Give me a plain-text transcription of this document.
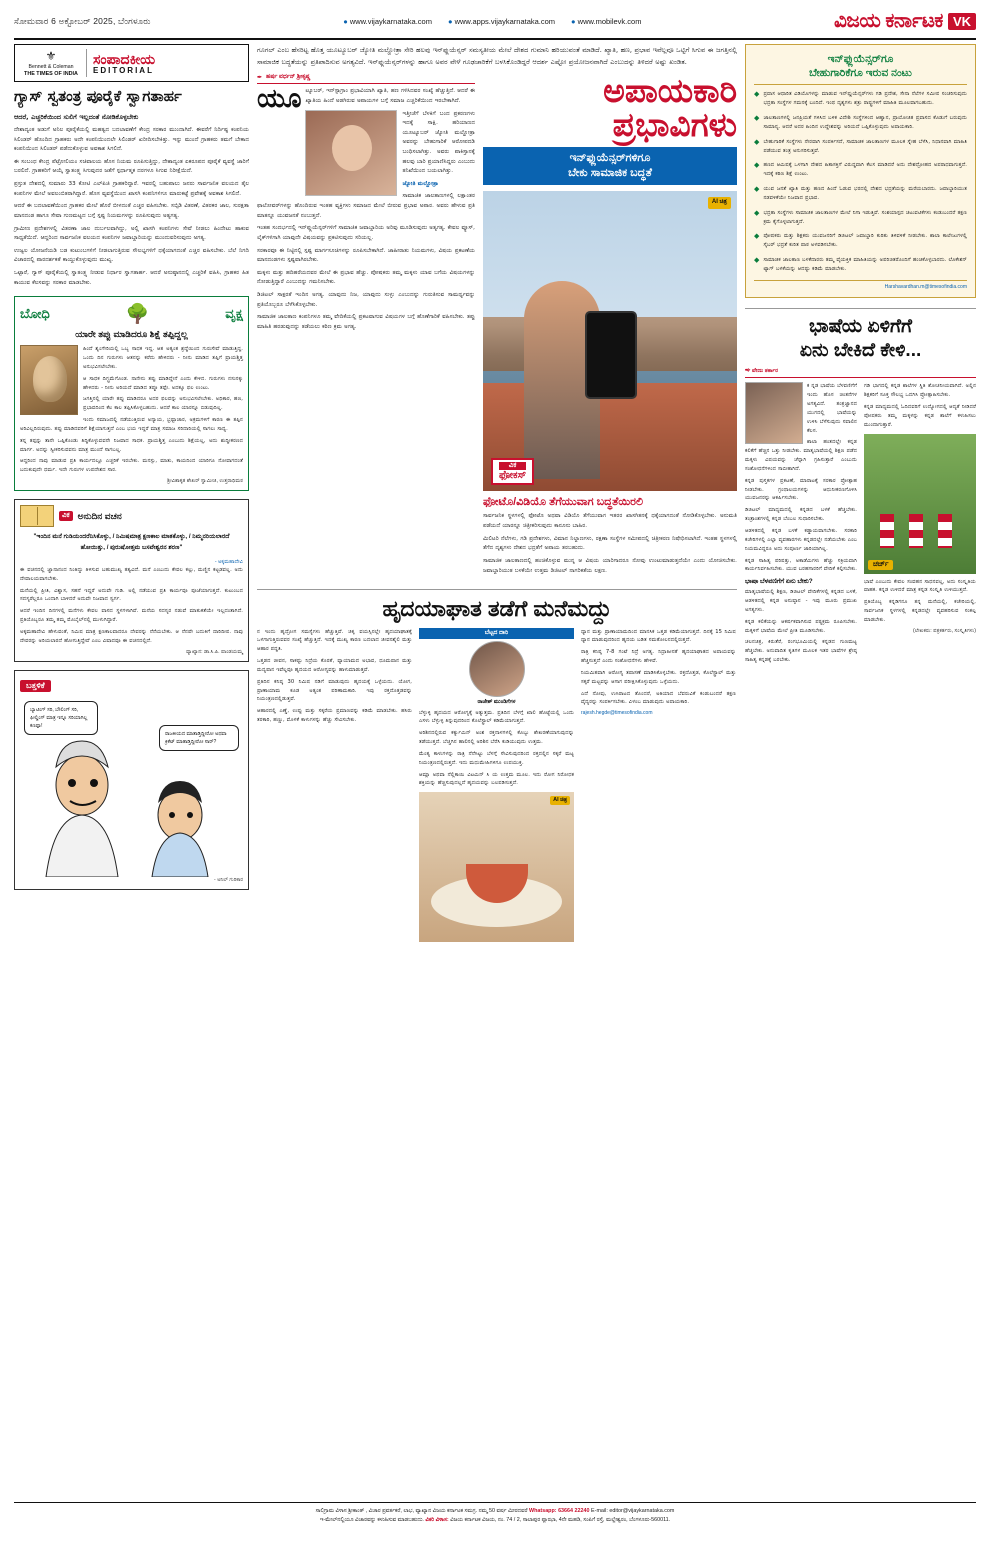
ಸೋಮವಾರ 6 ಅಕ್ಟೋಬರ್‌ 2025, ಬೆಂಗಳೂರು	● www.vijaykarnataka.com ● www.apps.vijaykarnataka.com ● www.mobilevk.com	ವಿಜಯ ಕರ್ನಾಟಕ VK
⚜
Bennett & Coleman
THE TIMES OF INDIA
ಸಂಪಾದಕೀಯ
EDITORIAL
ಗ್ಯಾಸ್‌ ಸ್ವತಂತ್ರ ಪೂರೈಕೆ ಸ್ವಾಗತಾರ್ಹ

ಆದರೆ, ಎಚ್ಚರಿಕೆಯಿಂದ ಸುಲಿಗೆ ಇಲ್ಲದಂತೆ ನೋಡಿಕೊಳ್ಳಬೇಕು

ದೇಶಾದ್ಯಂತ ಅಡುಗೆ ಅನಿಲ ಪೂರೈಕೆಯಲ್ಲಿ ಮಹತ್ವದ ಬದಲಾವಣೆಗೆ ಕೇಂದ್ರ ಸರಕಾರ ಮುಂದಾಗಿದೆ. ಈವರೆಗೆ ನಿರ್ದಿಷ್ಟ ಕಂಪನಿಯ ಸಿಲಿಂಡರ್‌ ಹೊಂದಿದ ಗ್ರಾಹಕರು ಅದೇ ಕಂಪನಿಯಿಂದಲೇ ಸಿಲಿಂಡರ್‌ ಖರೀದಿಸಬೇಕಿತ್ತು. ಇನ್ನು ಮುಂದೆ ಗ್ರಾಹಕರು ತಮಗೆ ಬೇಕಾದ ಕಂಪನಿಯಿಂದ ಸಿಲಿಂಡರ್‌ ಪಡೆದುಕೊಳ್ಳುವ ಅವಕಾಶ ಸಿಗಲಿದೆ.

ಈ ಸಂಬಂಧ ಕೇಂದ್ರ ಪೆಟ್ರೋಲಿಯಂ ಸಚಿವಾಲಯ ಹೊಸ ನಿಯಮ ರೂಪಿಸುತ್ತಿದ್ದು, ದೇಶಾದ್ಯಂತ ಏಕರೂಪದ ಪೂರೈಕೆ ವ್ಯವಸ್ಥೆ ಜಾರಿಗೆ ಬರಲಿದೆ. ಗ್ರಾಹಕರಿಗೆ ಆಯ್ಕೆ ಸ್ವಾತಂತ್ರ್ಯ ಸಿಗುವುದರ ಜತೆಗೆ ಸ್ಪರ್ಧಾತ್ಮಕ ದರಗಳೂ ಸಿಗುವ ನಿರೀಕ್ಷೆಯಿದೆ.

ಪ್ರಸ್ತುತ ದೇಶದಲ್ಲಿ ಸುಮಾರು 33 ಕೋಟಿ ಎಲ್‌ಪಿಜಿ ಗ್ರಾಹಕರಿದ್ದಾರೆ. ಇವರಲ್ಲಿ ಬಹುಪಾಲು ಜನರು ಸಾರ್ವಜನಿಕ ವಲಯದ ತೈಲ ಕಂಪನಿಗಳ ಮೇಲೆ ಅವಲಂಬಿತರಾಗಿದ್ದಾರೆ. ಹೊಸ ವ್ಯವಸ್ಥೆಯಿಂದ ಖಾಸಗಿ ಕಂಪನಿಗಳಿಗೂ ಮಾರುಕಟ್ಟೆ ಪ್ರವೇಶಕ್ಕೆ ಅವಕಾಶ ಸಿಗಲಿದೆ.

ಆದರೆ ಈ ಬದಲಾವಣೆಯಿಂದ ಗ್ರಾಹಕರ ಮೇಲೆ ಹೊರೆ ಬೀಳದಂತೆ ಎಚ್ಚರ ವಹಿಸಬೇಕು. ಸಬ್ಸಿಡಿ ವಿತರಣೆ, ವಿತರಕರ ಜಾಲ, ಸುರಕ್ಷತಾ ಮಾನದಂಡ ಹಾಗೂ ಸೇವಾ ಗುಣಮಟ್ಟದ ಬಗ್ಗೆ ಸ್ಪಷ್ಟ ನಿಯಮಗಳನ್ನು ರೂಪಿಸುವುದು ಅತ್ಯಗತ್ಯ.

ಗ್ರಾಮೀಣ ಪ್ರದೇಶಗಳಲ್ಲಿ ವಿತರಣಾ ಜಾಲ ದುರ್ಬಲವಾಗಿದ್ದು, ಅಲ್ಲಿ ಖಾಸಗಿ ಕಂಪನಿಗಳು ಸೇವೆ ನೀಡಲು ಹಿಂದೇಟು ಹಾಕುವ ಸಾಧ್ಯತೆಯಿದೆ. ಆದ್ದರಿಂದ ಸಾರ್ವಜನಿಕ ವಲಯದ ಕಂಪನಿಗಳ ಜವಾಬ್ದಾರಿಯನ್ನು ಮುಂದುವರಿಸುವುದು ಅಗತ್ಯ.

ಉಜ್ವಲ ಯೋಜನೆಯಡಿ ಬಡ ಕುಟುಂಬಗಳಿಗೆ ನೀಡಲಾಗುತ್ತಿರುವ ಸೌಲಭ್ಯಗಳಿಗೆ ಧಕ್ಕೆಯಾಗದಂತೆ ಎಚ್ಚರ ವಹಿಸಬೇಕು. ಬೆಲೆ ನಿಗದಿ ವಿಚಾರದಲ್ಲಿ ಪಾರದರ್ಶಕತೆ ಕಾಯ್ದುಕೊಳ್ಳುವುದು ಮುಖ್ಯ.

ಒಟ್ಟಾರೆ, ಗ್ಯಾಸ್‌ ಪೂರೈಕೆಯಲ್ಲಿ ಸ್ವಾತಂತ್ರ್ಯ ನೀಡುವ ನಿರ್ಧಾರ ಸ್ವಾಗತಾರ್ಹ. ಆದರೆ ಅನುಷ್ಠಾನದಲ್ಲಿ ಎಚ್ಚರಿಕೆ ವಹಿಸಿ, ಗ್ರಾಹಕರ ಹಿತ ಕಾಯುವ ಕೆಲಸವನ್ನು ಸರಕಾರ ಮಾಡಬೇಕು.

ಬೋಧಿ	🌳	ವೃಕ್ಷ
ಯಾರೇ ತಪ್ಪು ಮಾಡಿದರೂ ಶಿಕ್ಷೆ ತಪ್ಪಿದ್ದಲ್ಲ

ಹಿಂದೆ ಶೃಂಗೇರಿಯಲ್ಲಿ ಒಬ್ಬ ಸಾಧಕ ಇದ್ದ. ಆತ ಅತ್ಯಂತ ಶ್ರದ್ಧೆಯಿಂದ ಗುರುಸೇವೆ ಮಾಡುತ್ತಿದ್ದ. ಒಂದು ದಿನ ಗುರುಗಳು ಆತನನ್ನು ಕರೆದು ಹೇಳಿದರು - ನೀನು ಮಾಡಿದ ತಪ್ಪಿಗೆ ಪ್ರಾಯಶ್ಚಿತ್ತ ಅನುಭವಿಸಲೇಬೇಕು.

ಆ ಸಾಧಕ ದಿಗ್ಭ್ರಮೆಗೊಂಡ. ನಾನೇನು ತಪ್ಪು ಮಾಡಿದ್ದೇನೆ ಎಂದು ಕೇಳಿದ. ಗುರುಗಳು ನಸುನಕ್ಕು ಹೇಳಿದರು - ನೀನು ಅರಿಯದೆ ಮಾಡಿದ ತಪ್ಪೂ ತಪ್ಪೇ. ಅದಕ್ಕೂ ಫಲ ಉಂಟು.

ಜಗತ್ತಿನಲ್ಲಿ ಯಾರೇ ತಪ್ಪು ಮಾಡಿದರೂ ಅದರ ಫಲವನ್ನು ಅನುಭವಿಸಲೇಬೇಕು. ಅಧಿಕಾರ, ಹಣ, ಪ್ರಭಾವದಿಂದ ಕೆಲ ಕಾಲ ತಪ್ಪಿಸಿಕೊಳ್ಳಬಹುದು. ಆದರೆ ಕಾಲ ಯಾರನ್ನೂ ಬಿಡುವುದಿಲ್ಲ.

ಇಂದು ಸಮಾಜದಲ್ಲಿ ನಡೆಯುತ್ತಿರುವ ಅನ್ಯಾಯ, ಭ್ರಷ್ಟಾಚಾರ, ಅಕ್ರಮಗಳಿಗೆ ಕಾರಣ ಈ ತಪ್ಪಿನ ಅರಿವಿಲ್ಲದಿರುವುದು. ತಪ್ಪು ಮಾಡಿದವರಿಗೆ ಶಿಕ್ಷೆಯಾಗುತ್ತದೆ ಎಂಬ ಭಯ ಇದ್ದರೆ ಮಾತ್ರ ಸಮಾಜ ಸರಿದಾರಿಯಲ್ಲಿ ಸಾಗಲು ಸಾಧ್ಯ.

ತನ್ನ ತಪ್ಪನ್ನು ತಾನೇ ಒಪ್ಪಿಕೊಂಡು ತಿದ್ದಿಕೊಳ್ಳುವವನೇ ನಿಜವಾದ ಸಾಧಕ. ಪ್ರಾಯಶ್ಚಿತ್ತ ಎಂಬುದು ಶಿಕ್ಷೆಯಲ್ಲ, ಅದು ಶುದ್ಧೀಕರಣದ ಮಾರ್ಗ. ಅದನ್ನು ಸ್ವೀಕರಿಸುವವನು ಮಾತ್ರ ಮುಂದೆ ಸಾಗಬಲ್ಲ.

ಆದ್ದರಿಂದ ನಾವು ಮಾಡುವ ಪ್ರತಿ ಕಾರ್ಯದಲ್ಲೂ ಎಚ್ಚರಿಕೆ ಇರಬೇಕು. ಮನಸ್ಸು, ಮಾತು, ಕಾಯದಿಂದ ಯಾರಿಗೂ ನೋವಾಗದಂತೆ ಬದುಕುವುದೇ ಧರ್ಮ. ಇದೇ ಗುರುಗಳ ಉಪದೇಶದ ಸಾರ.

ಶ್ರೀವಿಶಾಕೃತ ಶೇಖರ್‌ ಸ್ವಾಮೀಜಿ, ಉತ್ತರಾಧಿಮಠ
ವಿಕ ಅನುದಿನ ವಚನ
"ಇಂದಿನ ಮನೆ ಗುಡಿಯಂದರೆನಿಸಿಕೊಳ್ಳು, / ನಿಮಿಷಮಾತ್ರ ಕ್ಷಣಕಾಲ ಮಾತಕೊಳ್ಳು, / ನಿಮ್ಮನರಿಯಲಾರದೆ ಹೋಯಿತ್ತು, / ಪುರುಷೋತ್ತಮ ಬಸವೇಶ್ವರನ ಶರಣ"
- ಅಕ್ಕಮಹಾದೇವಿ

ಈ ವಚನದಲ್ಲಿ ಜ್ಞಾನಾನಂದ ನಿಂತಿದ್ದು ತಿಳಿಸುವ ಬಹುಮುಖ್ಯ ತತ್ವವಿದೆ. ಮನೆ ಎಂಬುದು ಕೇವಲ ಕಲ್ಲು, ಮಣ್ಣಿನ ಕಟ್ಟಡವಲ್ಲ. ಅದು ದೇವಾಲಯವಾಗಬೇಕು.

ಮನೆಯಲ್ಲಿ ಪ್ರೀತಿ, ವಿಶ್ವಾಸ, ಸಹನೆ ಇದ್ದರೆ ಅದುವೇ ಗುಡಿ. ಅಲ್ಲಿ ನಡೆಯುವ ಪ್ರತಿ ಕಾರ್ಯವೂ ಪೂಜೆಯಾಗುತ್ತದೆ. ಕುಟುಂಬದ ಸದಸ್ಯರೆಲ್ಲರೂ ಒಂದಾಗಿ ಬಾಳಿದರೆ ಅದುವೇ ನಿಜವಾದ ಸ್ವರ್ಗ.

ಆದರೆ ಇಂದಿನ ದಿನಗಳಲ್ಲಿ ಮನೆಗಳು ಕೇವಲ ವಾಸದ ಸ್ಥಳಗಳಾಗಿವೆ. ಮನೆಯ ಸದಸ್ಯರ ನಡುವೆ ಮಾತುಕತೆಯೇ ಇಲ್ಲದಂತಾಗಿದೆ. ಪ್ರತಿಯೊಬ್ಬರೂ ತಮ್ಮ ತಮ್ಮ ಮೊಬೈಲ್‌ನಲ್ಲಿ ಮುಳುಗಿದ್ದಾರೆ.

ಅಕ್ಕಮಹಾದೇವಿ ಹೇಳುವಂತೆ, ನಿಮಿಷ ಮಾತ್ರ ಕ್ಷಣಕಾಲವಾದರೂ ದೇವರನ್ನು ನೆನೆಯಬೇಕು. ಆ ನೆನಪೇ ಬದುಕಿಗೆ ದಾರಿದೀಪ. ನಾವು ದೇವರನ್ನು ಅರಿಯಲಾರದೆ ಹೋಗುತ್ತಿದ್ದೇವೆ ಎಂಬ ವಿಷಾದವೂ ಈ ವಚನದಲ್ಲಿದೆ.

ವ್ಯಾಖ್ಯಾನ: ಡಾ.ಸಿ.ಪಿ. ಪಾಂಡಯಮ್ಮ
ಬತ್ತಳಿಕೆ
ಬ್ಯಾಟಿಂಗ್‌ ಸರಿ, ಬೌಲಿಂಗ್‌ ಸರಿ, ಫೀಲ್ಡಿಂಗ್‌ ಮಾತ್ರ ಇನ್ನೂ ಸರಿಯಾಗಿಲ್ಲ ಕಣಪ್ಪಾ!
ರಾಜಕೀಯದ ಮಾತಾಡ್ತಿದ್ದೀರೋ ಅಥವಾ ಕ್ರಿಕೆಟ್‌ ಮಾತಾಡ್ತಿದ್ದೀರೋ ಸಾರ್‌?
- ಅನಿಲ್‌ ಗುರಿಕಾರ
ಗೂಗಲ್‌ ಎಂಬ ಹೆಸರಿಟ್ಟ ಹೊತ್ತ ಯೂಟ್ಯೂಬರ್‌ ಜ್ಯೋತಿ ಮಲ್ಹೋತ್ರಾ ಸೇರಿ ಹಲವು ಇನ್‌ಫ್ಲುಯೆನ್ಸರ್‌ ಸಮಸ್ಯತೀಯ ಮೇಲೆ ದೇಶದ ಗುಮಾನಿ ಹರಿಯುವಂತೆ ಮಾಡಿದೆ. ಖ್ಯಾತಿ, ಹಣ, ಪ್ರಭಾವ ಇವೆಲ್ಲವೂ ಒಟ್ಟಿಗೆ ಸಿಗುವ ಈ ಜಗತ್ತಿನಲ್ಲಿ ಸಾಮಾಜಿಕ ಬದ್ಧತೆಯನ್ನು ಪ್ರತಿಪಾದಿಸುವ ಅಗತ್ಯವಿದೆ. ಇನ್‌ಫ್ಲುಯೆನ್ಸರ್‌ಗಳನ್ನು ಹಾಗೂ ಅವರ ವೇಳೆ ಗೂಢಚಾರಿಕೆಗೆ ಬಳಸಿಕೊಂಡಿದ್ದರೆ ಆದರ್ಶ ಎಷ್ಟೋ ಪ್ರಯೋಜನವಾಗಿದೆ ಎಂಬುದನ್ನು ತಿಳಿದರೆ ಅಷ್ಟು ಖಂಡಿತ.
✒ ಹರ್ಷ ವರ್ಧನ್‌ ಶ್ರೀಕೃಷ್ಣ

ಯೂಟ್ಯೂಬರ್‌, ಇನ್‌ಸ್ಟಾಗ್ರಾಂ ಪ್ರಭಾವಿಯಾಗಿ ಖ್ಯಾತಿ, ಹಣ ಗಳಿಸಿದವರ ಸಂಖ್ಯೆ ಹೆಚ್ಚುತ್ತಿದೆ. ಆದರೆ ಈ ಖ್ಯಾತಿಯ ಹಿಂದೆ ಅಡಗಿರುವ ಅಪಾಯಗಳ ಬಗ್ಗೆ ಸಮಾಜ ಎಚ್ಚರಿಕೆಯಿಂದ ಇರಬೇಕಾಗಿದೆ.

ಇತ್ತೀಚೆಗೆ ಬೆಳಕಿಗೆ ಬಂದ ಪ್ರಕರಣಗಳು ಇದಕ್ಕೆ ಸಾಕ್ಷಿ. ಹರಿಯಾಣದ ಯೂಟ್ಯೂಬರ್‌ ಜ್ಯೋತಿ ಮಲ್ಹೋತ್ರಾ ಅವರನ್ನು ಬೇಹುಗಾರಿಕೆ ಆರೋಪದಡಿ ಬಂಧಿಸಲಾಗಿತ್ತು. ಅವರು ಪಾಕಿಸ್ತಾನಕ್ಕೆ ಹಲವು ಬಾರಿ ಪ್ರಯಾಣಿಸಿದ್ದರು ಎಂಬುದು ತನಿಖೆಯಿಂದ ಬಯಲಾಗಿತ್ತು.

ಜ್ಯೋತಿ ಮಲ್ಹೋತ್ರಾ

ಸಾಮಾಜಿಕ ಜಾಲತಾಣಗಳಲ್ಲಿ ಲಕ್ಷಾಂತರ ಫಾಲೋವರ್‌ಗಳನ್ನು ಹೊಂದಿರುವ ಇಂತಹ ವ್ಯಕ್ತಿಗಳು ಸಮಾಜದ ಮೇಲೆ ಬೀರುವ ಪ್ರಭಾವ ಅಪಾರ. ಅವರು ಹೇಳುವ ಪ್ರತಿ ಮಾತನ್ನೂ ಯುವಜನತೆ ನಂಬುತ್ತದೆ.

ಇಂತಹ ಸಂದರ್ಭದಲ್ಲಿ ಇನ್‌ಫ್ಲುಯೆನ್ಸರ್‌ಗಳಿಗೆ ಸಾಮಾಜಿಕ ಜವಾಬ್ದಾರಿಯ ಅರಿವು ಮೂಡಿಸುವುದು ಅತ್ಯಗತ್ಯ. ಕೇವಲ ವ್ಯೂಸ್‌, ಲೈಕ್‌ಗಳಿಗಾಗಿ ಯಾವುದೇ ವಿಷಯವನ್ನು ಪ್ರಕಟಿಸುವುದು ಸರಿಯಲ್ಲ.

ಸರಕಾರವೂ ಈ ನಿಟ್ಟಿನಲ್ಲಿ ಸ್ಪಷ್ಟ ಮಾರ್ಗಸೂಚಿಗಳನ್ನು ರೂಪಿಸಬೇಕಾಗಿದೆ. ಜಾಹೀರಾತು ನಿಯಮಗಳು, ವಿಷಯ ಪ್ರಕಟಣೆಯ ಮಾನದಂಡಗಳು ಸ್ಪಷ್ಟವಾಗಿರಬೇಕು.

ಮಕ್ಕಳು ಮತ್ತು ಹದಿಹರೆಯದವರ ಮೇಲೆ ಈ ಪ್ರಭಾವ ಹೆಚ್ಚು. ಪೋಷಕರು ತಮ್ಮ ಮಕ್ಕಳು ಯಾವ ಬಗೆಯ ವಿಷಯಗಳನ್ನು ನೋಡುತ್ತಿದ್ದಾರೆ ಎಂಬುದನ್ನು ಗಮನಿಸಬೇಕು.

ಡಿಜಿಟಲ್‌ ಸಾಕ್ಷರತೆ ಇಂದಿನ ಅಗತ್ಯ. ಯಾವುದು ನಿಜ, ಯಾವುದು ಸುಳ್ಳು ಎಂಬುದನ್ನು ಗುರುತಿಸುವ ಸಾಮರ್ಥ್ಯವನ್ನು ಪ್ರತಿಯೊಬ್ಬರೂ ಬೆಳೆಸಿಕೊಳ್ಳಬೇಕು.

ಸಾಮಾಜಿಕ ಜಾಲತಾಣ ಕಂಪನಿಗಳೂ ತಮ್ಮ ವೇದಿಕೆಯಲ್ಲಿ ಪ್ರಕಟವಾಗುವ ವಿಷಯಗಳ ಬಗ್ಗೆ ಹೊಣೆಗಾರಿಕೆ ವಹಿಸಬೇಕು. ತಪ್ಪು ಮಾಹಿತಿ ಹರಡುವುದನ್ನು ತಡೆಯಲು ಕಠಿಣ ಕ್ರಮ ಅಗತ್ಯ.

ಅಪಾಯಕಾರಿ
ಪ್ರಭಾವಿಗಳು
ಇನ್‌ಫ್ಲುಯೆನ್ಸರ್‌ಗಳಿಗೂ
ಬೇಕು ಸಾಮಾಜಿಕ ಬದ್ಧತೆ
AI ಚಿತ್ರ
ವಿಕ
ಫೋಕಸ್‌
ಫೋಟೊ/ವಿಡಿಯೊ ತೆಗೆಯುವಾಗ ಬದ್ಧತೆಯಿರಲಿ

ಸಾರ್ವಜನಿಕ ಸ್ಥಳಗಳಲ್ಲಿ ಫೋಟೊ ಅಥವಾ ವಿಡಿಯೊ ತೆಗೆಯುವಾಗ ಇತರರ ಖಾಸಗಿತನಕ್ಕೆ ಧಕ್ಕೆಯಾಗದಂತೆ ನೋಡಿಕೊಳ್ಳಬೇಕು. ಅನುಮತಿ ಪಡೆಯದೆ ಯಾರನ್ನೂ ಚಿತ್ರೀಕರಿಸುವುದು ಕಾನೂನು ಬಾಹಿರ.

ಮಿಲಿಟರಿ ನೆಲೆಗಳು, ಗಡಿ ಪ್ರದೇಶಗಳು, ವಿಮಾನ ನಿಲ್ದಾಣಗಳು, ರಕ್ಷಣಾ ಸಂಸ್ಥೆಗಳ ಸಮೀಪದಲ್ಲಿ ಚಿತ್ರೀಕರಣ ನಿಷೇಧಿಸಲಾಗಿದೆ. ಇಂತಹ ಸ್ಥಳಗಳಲ್ಲಿ ತೆಗೆದ ದೃಶ್ಯಗಳು ದೇಶದ ಭದ್ರತೆಗೆ ಅಪಾಯ ತರಬಹುದು.

ಸಾಮಾಜಿಕ ಜಾಲತಾಣದಲ್ಲಿ ಹಂಚಿಕೊಳ್ಳುವ ಮುನ್ನ ಆ ವಿಷಯ ಯಾರಿಗಾದರೂ ನೋವು ಉಂಟುಮಾಡುತ್ತದೆಯೇ ಎಂದು ಯೋಚಿಸಬೇಕು. ಜವಾಬ್ದಾರಿಯುತ ಬಳಕೆಯೇ ಉತ್ತಮ ಡಿಜಿಟಲ್‌ ನಾಗರಿಕತೆಯ ಲಕ್ಷಣ.

ಹೃದಯಾಘಾತ ತಡೆಗೆ ಮನೆಮದ್ದು

ನ ಇಂದು ಹೃದ್ರೋಗ ಸಮಸ್ಯೆಗಳು ಹೆಚ್ಚುತ್ತಿವೆ. ಚಿಕ್ಕ ವಯಸ್ಸಿನಲ್ಲೇ ಹೃದಯಾಘಾತಕ್ಕೆ ಒಳಗಾಗುತ್ತಿರುವವರ ಸಂಖ್ಯೆ ಹೆಚ್ಚುತ್ತಿದೆ. ಇದಕ್ಕೆ ಮುಖ್ಯ ಕಾರಣ ಬದಲಾದ ಜೀವನಶೈಲಿ ಮತ್ತು ಆಹಾರ ಪದ್ಧತಿ.

ಒತ್ತಡದ ಜೀವನ, ಸಾಕಷ್ಟು ನಿದ್ರೆಯ ಕೊರತೆ, ವ್ಯಾಯಾಮದ ಅಭಾವ, ಧೂಮಪಾನ ಮತ್ತು ಮದ್ಯಪಾನ ಇವೆಲ್ಲವೂ ಹೃದಯದ ಆರೋಗ್ಯವನ್ನು ಹಾಳುಮಾಡುತ್ತವೆ.

ಪ್ರತಿದಿನ ಕನಿಷ್ಠ 30 ನಿಮಿಷ ನಡಿಗೆ ಮಾಡುವುದು ಹೃದಯಕ್ಕೆ ಒಳ್ಳೆಯದು. ಯೋಗ, ಪ್ರಾಣಾಯಾಮ ಕೂಡ ಅತ್ಯಂತ ಪರಿಣಾಮಕಾರಿ. ಇವು ರಕ್ತದೊತ್ತಡವನ್ನು ನಿಯಂತ್ರಣದಲ್ಲಿಡುತ್ತವೆ.

ಆಹಾರದಲ್ಲಿ ಎಣ್ಣೆ, ಉಪ್ಪು ಮತ್ತು ಸಕ್ಕರೆಯ ಪ್ರಮಾಣವನ್ನು ಕಡಿಮೆ ಮಾಡಬೇಕು. ಹಸಿರು ತರಕಾರಿ, ಹಣ್ಣು, ಮೊಳಕೆ ಕಾಳುಗಳನ್ನು ಹೆಚ್ಚು ಸೇವಿಸಬೇಕು.

ಬೆಟ್ಟದ ದಾರಿ
ರಾಜೇಶ್‌ ಮುಂಡಿಗೆಗಳ

ಬೆಳ್ಳುಳ್ಳಿ ಹೃದಯದ ಆರೋಗ್ಯಕ್ಕೆ ಅತ್ಯುತ್ತಮ. ಪ್ರತಿದಿನ ಬೆಳಗ್ಗೆ ಖಾಲಿ ಹೊಟ್ಟೆಯಲ್ಲಿ ಒಂದು ಎಸಳು ಬೆಳ್ಳುಳ್ಳಿ ತಿನ್ನುವುದರಿಂದ ಕೊಲೆಸ್ಟ್ರಾಲ್‌ ಕಡಿಮೆಯಾಗುತ್ತದೆ.

ಅರಿಶಿನದಲ್ಲಿರುವ ಕರ್ಕ್ಯುಮಿನ್‌ ಅಂಶ ರಕ್ತನಾಳಗಳಲ್ಲಿ ಕೊಬ್ಬು ಶೇಖರಣೆಯಾಗುವುದನ್ನು ತಡೆಯುತ್ತದೆ. ಬೆಚ್ಚಗಿನ ಹಾಲಿನಲ್ಲಿ ಅರಿಶಿನ ಬೆರೆಸಿ ಕುಡಿಯುವುದು ಉತ್ತಮ.

ಮೆಂತ್ಯ ಕಾಳುಗಳನ್ನು ರಾತ್ರಿ ನೆನೆಸಿಟ್ಟು ಬೆಳಗ್ಗೆ ಸೇವಿಸುವುದರಿಂದ ರಕ್ತದಲ್ಲಿನ ಸಕ್ಕರೆ ಮಟ್ಟ ನಿಯಂತ್ರಣದಲ್ಲಿರುತ್ತದೆ. ಇದು ಮಧುಮೇಹಿಗಳಿಗೂ ಉಪಯುಕ್ತ.

ಆಮ್ಲಾ ಅಥವಾ ನೆಲ್ಲಿಕಾಯಿ ವಿಟಮಿನ್‌ ಸಿ ಯ ಉತ್ತಮ ಮೂಲ. ಇದು ರೋಗ ನಿರೋಧಕ ಶಕ್ತಿಯನ್ನು ಹೆಚ್ಚಿಸುವುದಲ್ಲದೆ ಹೃದಯವನ್ನು ಬಲಪಡಿಸುತ್ತದೆ.

AI ಚಿತ್ರ

ಧ್ಯಾನ ಮತ್ತು ಪ್ರಾಣಾಯಾಮದಿಂದ ಮಾನಸಿಕ ಒತ್ತಡ ಕಡಿಮೆಯಾಗುತ್ತದೆ. ದಿನಕ್ಕೆ 15 ನಿಮಿಷ ಧ್ಯಾನ ಮಾಡುವುದರಿಂದ ಹೃದಯ ಬಡಿತ ಸಮತೋಲನದಲ್ಲಿರುತ್ತದೆ.

ರಾತ್ರಿ ಕನಿಷ್ಠ 7-8 ಗಂಟೆ ನಿದ್ರೆ ಅಗತ್ಯ. ನಿದ್ರಾಹೀನತೆ ಹೃದಯಾಘಾತದ ಅಪಾಯವನ್ನು ಹೆಚ್ಚಿಸುತ್ತದೆ ಎಂದು ಸಂಶೋಧನೆಗಳು ಹೇಳಿವೆ.

ನಿಯಮಿತವಾಗಿ ಆರೋಗ್ಯ ತಪಾಸಣೆ ಮಾಡಿಸಿಕೊಳ್ಳಬೇಕು. ರಕ್ತದೊತ್ತಡ, ಕೊಲೆಸ್ಟ್ರಾಲ್‌ ಮತ್ತು ಸಕ್ಕರೆ ಮಟ್ಟವನ್ನು ಆಗಾಗ ಪರೀಕ್ಷಿಸಿಕೊಳ್ಳುವುದು ಒಳ್ಳೆಯದು.

ಎದೆ ನೋವು, ಉಸಿರಾಟದ ತೊಂದರೆ, ಅತಿಯಾದ ಬೆವರುವಿಕೆ ಕಂಡುಬಂದರೆ ತಕ್ಷಣ ವೈದ್ಯರನ್ನು ಸಂಪರ್ಕಿಸಬೇಕು. ವಿಳಂಬ ಮಾಡುವುದು ಅಪಾಯಕಾರಿ.

rajesh.hegde@timesofindia.com
ಇನ್‌ಫ್ಲುಯೆನ್ಸರ್‌ಗೂ
ಬೇಹುಗಾರಿಕೆಗೂ ಇರುವ ನಂಟು
◆ ಪ್ರವಾಸ ಆಧಾರಿತ ವಿಡಿಯೊಗಳನ್ನು ಮಾಡುವ ಇನ್‌ಫ್ಲುಯೆನ್ಸರ್‌ಗಳು ಗಡಿ ಪ್ರದೇಶ, ಸೇನಾ ನೆಲೆಗಳ ಸಮೀಪ ಸಂಚರಿಸುವುದು ಭದ್ರತಾ ಸಂಸ್ಥೆಗಳ ಗಮನಕ್ಕೆ ಬಂದಿದೆ. ಇಂಥ ದೃಶ್ಯಗಳು ಶತ್ರು ರಾಷ್ಟ್ರಗಳಿಗೆ ಮಾಹಿತಿ ಮೂಲವಾಗಬಹುದು.
◆ ಜಾಲತಾಣಗಳಲ್ಲಿ ಜನಪ್ರಿಯತೆ ಗಳಿಸಿದ ಬಳಿಕ ವಿದೇಶಿ ಸಂಸ್ಥೆಗಳಿಂದ ಆಹ್ವಾನ, ಪ್ರಾಯೋಜಿತ ಪ್ರವಾಸದ ಕೊಡುಗೆ ಬರುವುದು ಸಾಮಾನ್ಯ. ಆದರೆ ಅದರ ಹಿಂದಿನ ಉದ್ದೇಶವನ್ನು ಅರಿಯದೆ ಒಪ್ಪಿಕೊಳ್ಳುವುದು ಅಪಾಯಕಾರಿ.
◆ ಬೇಹುಗಾರಿಕೆ ಸಂಸ್ಥೆಗಳು ನೇರವಾಗಿ ಸಂಪರ್ಕಿಸದೆ, ಸಾಮಾಜಿಕ ಜಾಲತಾಣಗಳ ಮೂಲಕ ಸ್ನೇಹ ಬೆಳೆಸಿ, ನಿಧಾನವಾಗಿ ಮಾಹಿತಿ ಪಡೆಯುವ ತಂತ್ರ ಅನುಸರಿಸುತ್ತವೆ.
◆ ಹಣದ ಆಮಿಷಕ್ಕೆ ಒಳಗಾಗಿ ದೇಶದ ಹಿತಾಸಕ್ತಿಗೆ ವಿರುದ್ಧವಾಗಿ ಕೆಲಸ ಮಾಡಿದರೆ ಅದು ದೇಶದ್ರೋಹದ ಅಪರಾಧವಾಗುತ್ತದೆ. ಇದಕ್ಕೆ ಕಠಿಣ ಶಿಕ್ಷೆ ಉಂಟು.
◆ ಯುವ ಜನತೆ ಖ್ಯಾತಿ ಮತ್ತು ಹಣದ ಹಿಂದೆ ಓಡುವ ಭರದಲ್ಲಿ ದೇಶದ ಭದ್ರತೆಯನ್ನು ಮರೆಯಬಾರದು. ಜವಾಬ್ದಾರಿಯುತ ನಡವಳಿಕೆಯೇ ನಿಜವಾದ ಪ್ರಭಾವ.
◆ ಭದ್ರತಾ ಸಂಸ್ಥೆಗಳು ಸಾಮಾಜಿಕ ಜಾಲತಾಣಗಳ ಮೇಲೆ ನಿಗಾ ಇಡುತ್ತಿವೆ. ಸಂಶಯಾಸ್ಪದ ಚಟುವಟಿಕೆಗಳು ಕಂಡುಬಂದರೆ ತಕ್ಷಣ ಕ್ರಮ ಕೈಗೊಳ್ಳಲಾಗುತ್ತದೆ.
◆ ಪೋಷಕರು ಮತ್ತು ಶಿಕ್ಷಕರು ಯುವಜನರಿಗೆ ಡಿಜಿಟಲ್‌ ಜವಾಬ್ದಾರಿ ಕುರಿತು ತಿಳಿವಳಿಕೆ ನೀಡಬೇಕು. ಶಾಲಾ ಕಾಲೇಜುಗಳಲ್ಲಿ ಸೈಬರ್‌ ಭದ್ರತೆ ಕುರಿತ ಪಾಠ ಅಳವಡಿಸಬೇಕು.
◆ ಸಾಮಾಜಿಕ ಜಾಲತಾಣ ಬಳಕೆದಾರರು ತಮ್ಮ ವೈಯಕ್ತಿಕ ಮಾಹಿತಿಯನ್ನು ಅಪರಿಚಿತರೊಂದಿಗೆ ಹಂಚಿಕೊಳ್ಳಬಾರದು. ಲೊಕೇಶನ್‌ ಟ್ಯಾಗ್‌ ಬಳಕೆಯನ್ನು ಆದಷ್ಟು ಕಡಿಮೆ ಮಾಡಬೇಕು.
Harshavardhan.m@timesofindia.com
ಭಾಷೆಯ ಏಳಿಗೆಗೆ
ಏನು ಬೇಕಿದೆ ಕೇಳಿ...
✒ ವೇಣು ತರ್ಕಾರ

ಕ ನ್ನಡ ಭಾಷೆಯ ಬೆಳವಣಿಗೆಗೆ ಇಂದು ಹೊಸ ಚಿಂತನೆಗಳ ಅಗತ್ಯವಿದೆ. ತಂತ್ರಜ್ಞಾನದ ಯುಗದಲ್ಲಿ ಭಾಷೆಯನ್ನು ಉಳಿಸಿ ಬೆಳೆಸುವುದು ಸವಾಲಿನ ಕೆಲಸ.

ಶಾಲಾ ಹಂತದಲ್ಲೇ ಕನ್ನಡ ಕಲಿಕೆಗೆ ಹೆಚ್ಚಿನ ಒತ್ತು ನೀಡಬೇಕು. ಮಾತೃಭಾಷೆಯಲ್ಲಿ ಶಿಕ್ಷಣ ಪಡೆದ ಮಕ್ಕಳು ವಿಷಯವನ್ನು ಚೆನ್ನಾಗಿ ಗ್ರಹಿಸುತ್ತಾರೆ ಎಂಬುದು ಸಂಶೋಧನೆಗಳಿಂದ ಸಾಬೀತಾಗಿದೆ.

ಕನ್ನಡ ಪುಸ್ತಕಗಳ ಪ್ರಕಟಣೆ, ಮಾರಾಟಕ್ಕೆ ಸರಕಾರ ಪ್ರೋತ್ಸಾಹ ನೀಡಬೇಕು. ಗ್ರಂಥಾಲಯಗಳನ್ನು ಆಧುನೀಕರಣಗೊಳಿಸಿ ಯುವಜನರನ್ನು ಆಕರ್ಷಿಸಬೇಕು.

ಡಿಜಿಟಲ್‌ ಮಾಧ್ಯಮದಲ್ಲಿ ಕನ್ನಡದ ಬಳಕೆ ಹೆಚ್ಚಬೇಕು. ತಂತ್ರಾಂಶಗಳಲ್ಲಿ ಕನ್ನಡ ಬೆಂಬಲ ಸುಧಾರಿಸಬೇಕು.

ಆಡಳಿತದಲ್ಲಿ ಕನ್ನಡ ಬಳಕೆ ಕಡ್ಡಾಯವಾಗಬೇಕು. ಸರಕಾರಿ ಕಚೇರಿಗಳಲ್ಲಿ ಎಲ್ಲಾ ವ್ಯವಹಾರಗಳು ಕನ್ನಡದಲ್ಲೇ ನಡೆಯಬೇಕು ಎಂಬ ನಿಯಮವಿದ್ದರೂ ಅದು ಸಂಪೂರ್ಣ ಜಾರಿಯಾಗಿಲ್ಲ.

ಕನ್ನಡ ಸಾಹಿತ್ಯ ಪರಿಷತ್ತು, ಅಕಾಡೆಮಿಗಳು ಹೆಚ್ಚು ಸಕ್ರಿಯವಾಗಿ ಕಾರ್ಯನಿರ್ವಹಿಸಬೇಕು. ಯುವ ಬರಹಗಾರರಿಗೆ ವೇದಿಕೆ ಕಲ್ಪಿಸಬೇಕು.

ಭಾಷಾ ಬೆಳವಣಿಗೆಗೆ ಏನು ಬೇಕು?

ಮಾತೃಭಾಷೆಯಲ್ಲಿ ಶಿಕ್ಷಣ, ಡಿಜಿಟಲ್‌ ವೇದಿಕೆಗಳಲ್ಲಿ ಕನ್ನಡದ ಬಳಕೆ, ಆಡಳಿತದಲ್ಲಿ ಕನ್ನಡ ಅನುಷ್ಠಾನ - ಇವು ಮೂರು ಪ್ರಮುಖ ಅಗತ್ಯಗಳು.

ಕನ್ನಡ ಕಲಿಕೆಯನ್ನು ಆಕರ್ಷಕವಾಗಿಸುವ ಪಠ್ಯಕ್ರಮ ರೂಪಿಸಬೇಕು. ಮಕ್ಕಳಿಗೆ ಭಾಷೆಯ ಮೇಲೆ ಪ್ರೀತಿ ಮೂಡಿಸಬೇಕು.

ಚಲನಚಿತ್ರ, ಕಿರುತೆರೆ, ರಂಗಭೂಮಿಯಲ್ಲಿ ಕನ್ನಡದ ಗುಣಮಟ್ಟ ಹೆಚ್ಚಬೇಕು. ಅನುವಾದಿತ ಕೃತಿಗಳ ಮೂಲಕ ಇತರ ಭಾಷೆಗಳ ಶ್ರೇಷ್ಠ ಸಾಹಿತ್ಯ ಕನ್ನಡಕ್ಕೆ ಬರಬೇಕು.

ಗಡಿ ಭಾಗದಲ್ಲಿ ಕನ್ನಡ ಶಾಲೆಗಳ ಸ್ಥಿತಿ ಶೋಚನೀಯವಾಗಿದೆ. ಅಲ್ಲಿನ ಶಿಕ್ಷಕರಿಗೆ ಸೂಕ್ತ ಸೌಲಭ್ಯ ಒದಗಿಸಿ ಪ್ರೋತ್ಸಾಹಿಸಬೇಕು.

ಕನ್ನಡ ಮಾಧ್ಯಮದಲ್ಲಿ ಓದಿದವರಿಗೆ ಉದ್ಯೋಗದಲ್ಲಿ ಆದ್ಯತೆ ನೀಡಿದರೆ ಪೋಷಕರು ತಮ್ಮ ಮಕ್ಕಳನ್ನು ಕನ್ನಡ ಶಾಲೆಗೆ ಕಳುಹಿಸಲು ಮುಂದಾಗುತ್ತಾರೆ.

ಚರ್ಚ್‌

ಭಾಷೆ ಎಂಬುದು ಕೇವಲ ಸಂವಹನ ಸಾಧನವಲ್ಲ, ಅದು ಸಂಸ್ಕೃತಿಯ ವಾಹಕ. ಕನ್ನಡ ಉಳಿದರೆ ಮಾತ್ರ ಕನ್ನಡ ಸಂಸ್ಕೃತಿ ಉಳಿಯುತ್ತದೆ.

ಪ್ರತಿಯೊಬ್ಬ ಕನ್ನಡಿಗನೂ ತನ್ನ ಮನೆಯಲ್ಲಿ, ಕಚೇರಿಯಲ್ಲಿ, ಸಾರ್ವಜನಿಕ ಸ್ಥಳಗಳಲ್ಲಿ ಕನ್ನಡದಲ್ಲೇ ವ್ಯವಹರಿಸುವ ಸಂಕಲ್ಪ ಮಾಡಬೇಕು.

(ಲೇಖಕರು: ಪತ್ರಕರ್ತರು, ಸಂಸ್ಕೃತಿಗಳು)
ಸಾಲಿಗ್ರಾಮ ವಿಳಾಸ ಶ್ರೀಕಾಂತ್‌ , ವಿಚಾರ ಪ್ರವರ್ತಕರೆ, ಲಾಭ, ವ್ಯಾಖ್ಯಾನ ವಿಜಯ ಕರ್ನಾಟಕ ಸಮಗ್ರ. ನಮ್ಮ 50 ವರ್ಷ ಮೀರದವರೆ Whatsapp: 63664 22240 E-mail: editor@vijaykarnataka.com
ಇ-ಮೇಲ್‌ನಲ್ಲಿಯೂ ವಿಚಾರವನ್ನು ಕಳುಹಿಸುವ ಮಾಡಬಹುದು. ವಿಕರಿ ವಿಳಾಸ: ವಿಜಯ ಕರ್ನಾಟಕ ವಿಜಯ, ನಂ. 74 / 2, ಸಾಲಾಪುರ ಪ್ಲಾಝಾ, 4ನೇ ಮಹಡಿ, ಸಂಪಿಗೆ ರಸ್ತೆ, ಮಲ್ಲೇಶ್ವರಂ, ಬೆಂಗಳೂರು-560011.
